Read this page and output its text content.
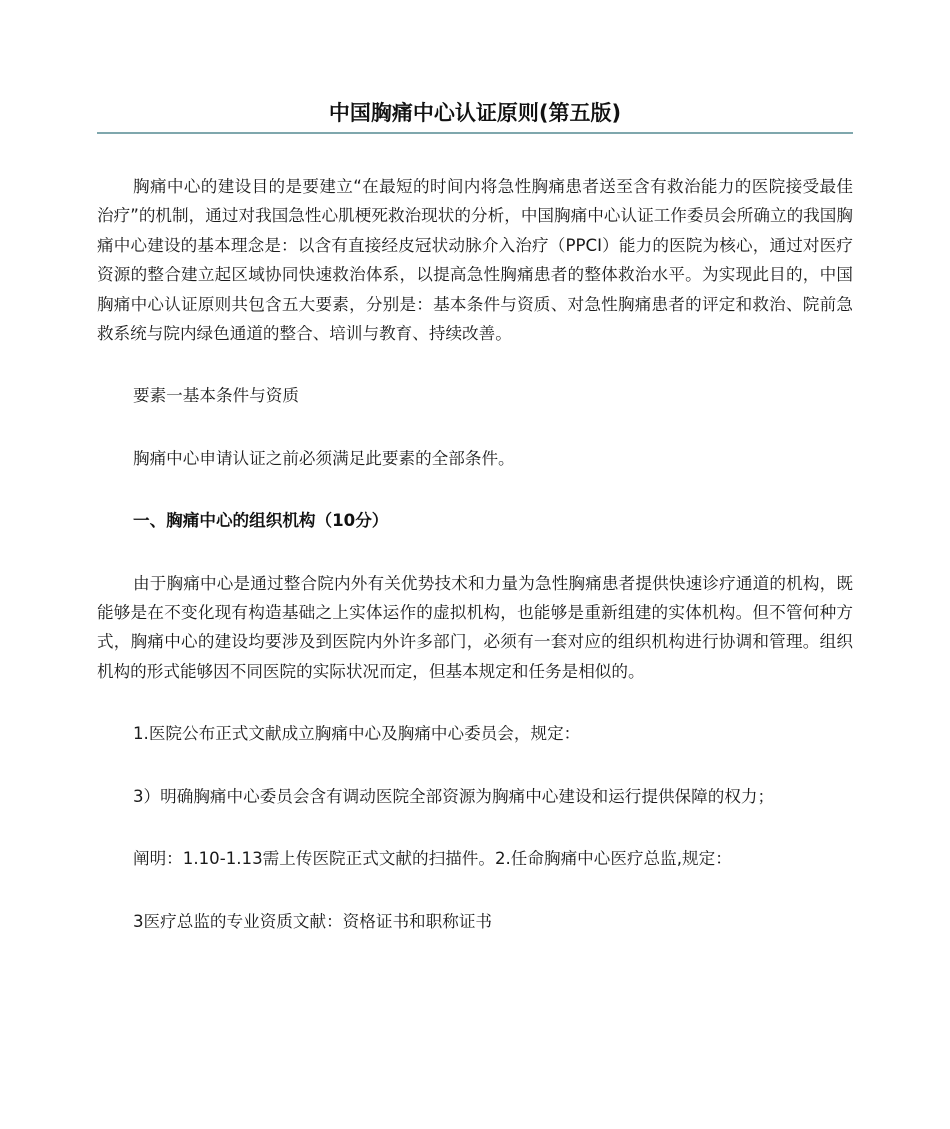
中国胸痛中心认证原则(第五版)

胸痛中心的建设目的是要建立“在最短的时间内将急性胸痛患者送至含有救治能力的医院接受最佳治疗”的机制，通过对我国急性心肌梗死救治现状的分析，中国胸痛中心认证工作委员会所确立的我国胸痛中心建设的基本理念是：以含有直接经皮冠状动脉介入治疗（PPCI）能力的医院为核心，通过对医疗资源的整合建立起区域协同快速救治体系，以提高急性胸痛患者的整体救治水平。为实现此目的，中国胸痛中心认证原则共包含五大要素，分别是：基本条件与资质、对急性胸痛患者的评定和救治、院前急救系统与院内绿色通道的整合、培训与教育、持续改善。

要素一基本条件与资质

胸痛中心申请认证之前必须满足此要素的全部条件。

一、胸痛中心的组织机构（10分）

由于胸痛中心是通过整合院内外有关优势技术和力量为急性胸痛患者提供快速诊疗通道的机构，既能够是在不变化现有构造基础之上实体运作的虚拟机构，也能够是重新组建的实体机构。但不管何种方式，胸痛中心的建设均要涉及到医院内外许多部门，必须有一套对应的组织机构进行协调和管理。组织机构的形式能够因不同医院的实际状况而定，但基本规定和任务是相似的。

1.医院公布正式文献成立胸痛中心及胸痛中心委员会，规定：

3）明确胸痛中心委员会含有调动医院全部资源为胸痛中心建设和运行提供保障的权力；

阐明：1.10-1.13需上传医院正式文献的扫描件。2.任命胸痛中心医疗总监,规定：

3医疗总监的专业资质文献：资格证书和职称证书
